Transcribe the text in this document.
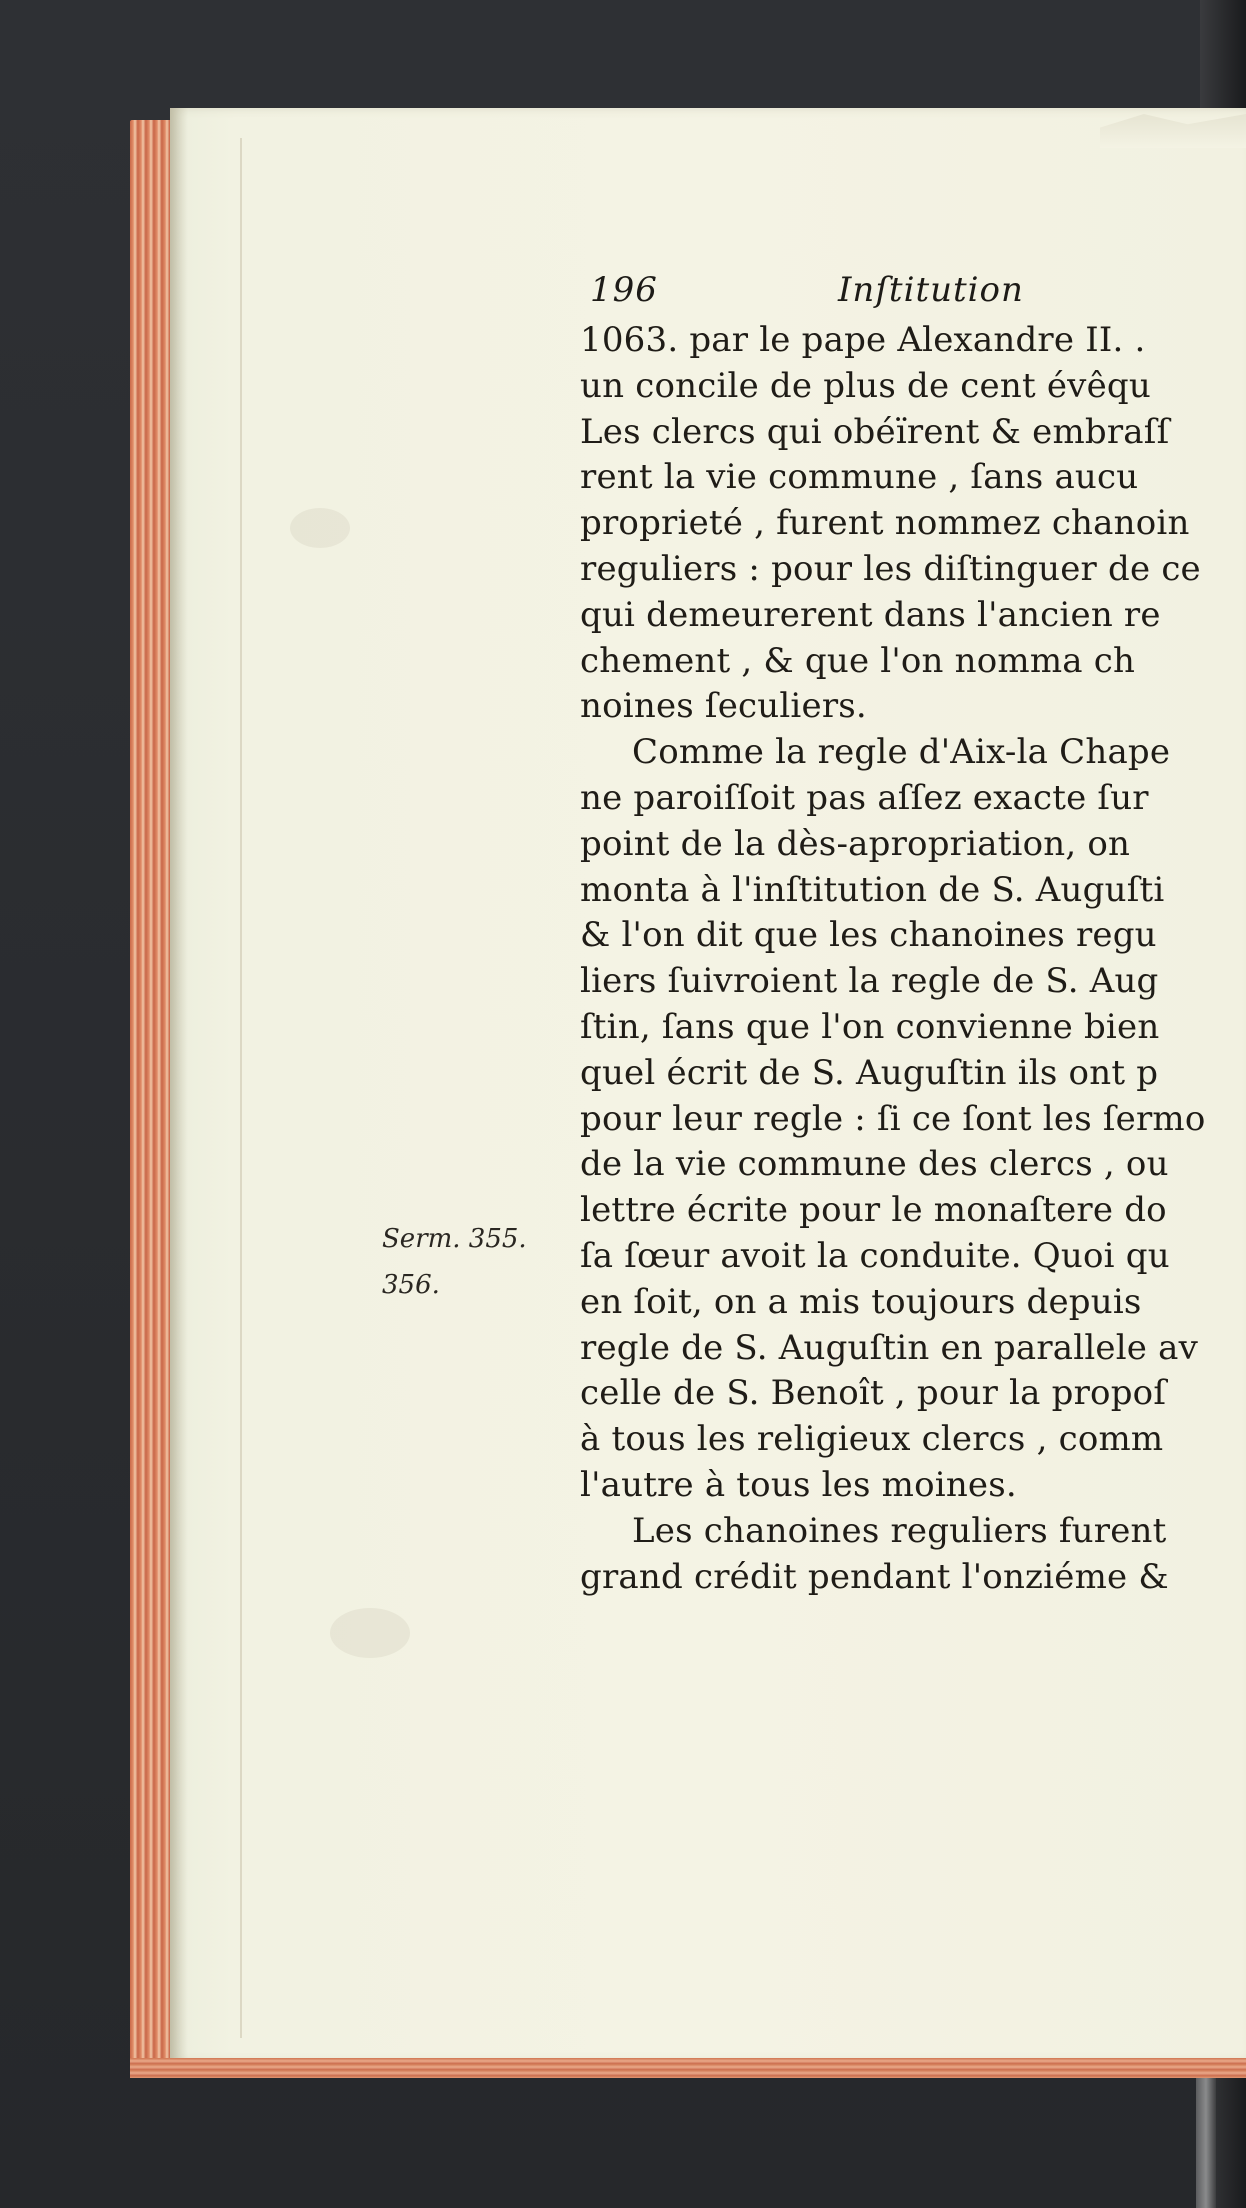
196	Inſtitution
Serm. 355.
356.
1063. par le pape Alexandre II. .
un concile de plus de cent évêqu
Les clercs qui obéïrent & embraſſ
rent la vie commune , ſans aucu
proprieté , furent nommez chanoin
reguliers : pour les diſtinguer de ce
qui demeurerent dans l'ancien re
chement , & que l'on nomma ch
noines ſeculiers.
Comme la regle d'Aix-la Chape
ne paroiſſoit pas aſſez exacte ſur
point de la dès-apropriation, on
monta à l'inſtitution de S. Auguſti
& l'on dit que les chanoines regu
liers ſuivroient la regle de S. Aug
ſtin, ſans que l'on convienne bien
quel écrit de S. Auguſtin ils ont p
pour leur regle : ſi ce ſont les ſermo
de la vie commune des clercs , ou
lettre écrite pour le monaſtere do
ſa ſœur avoit la conduite. Quoi qu
en ſoit, on a mis toujours depuis
regle de S. Auguſtin en parallele av
celle de S. Benoît , pour la propoſ
à tous les religieux clercs , comm
l'autre à tous les moines.
Les chanoines reguliers furent
grand crédit pendant l'onziéme &
